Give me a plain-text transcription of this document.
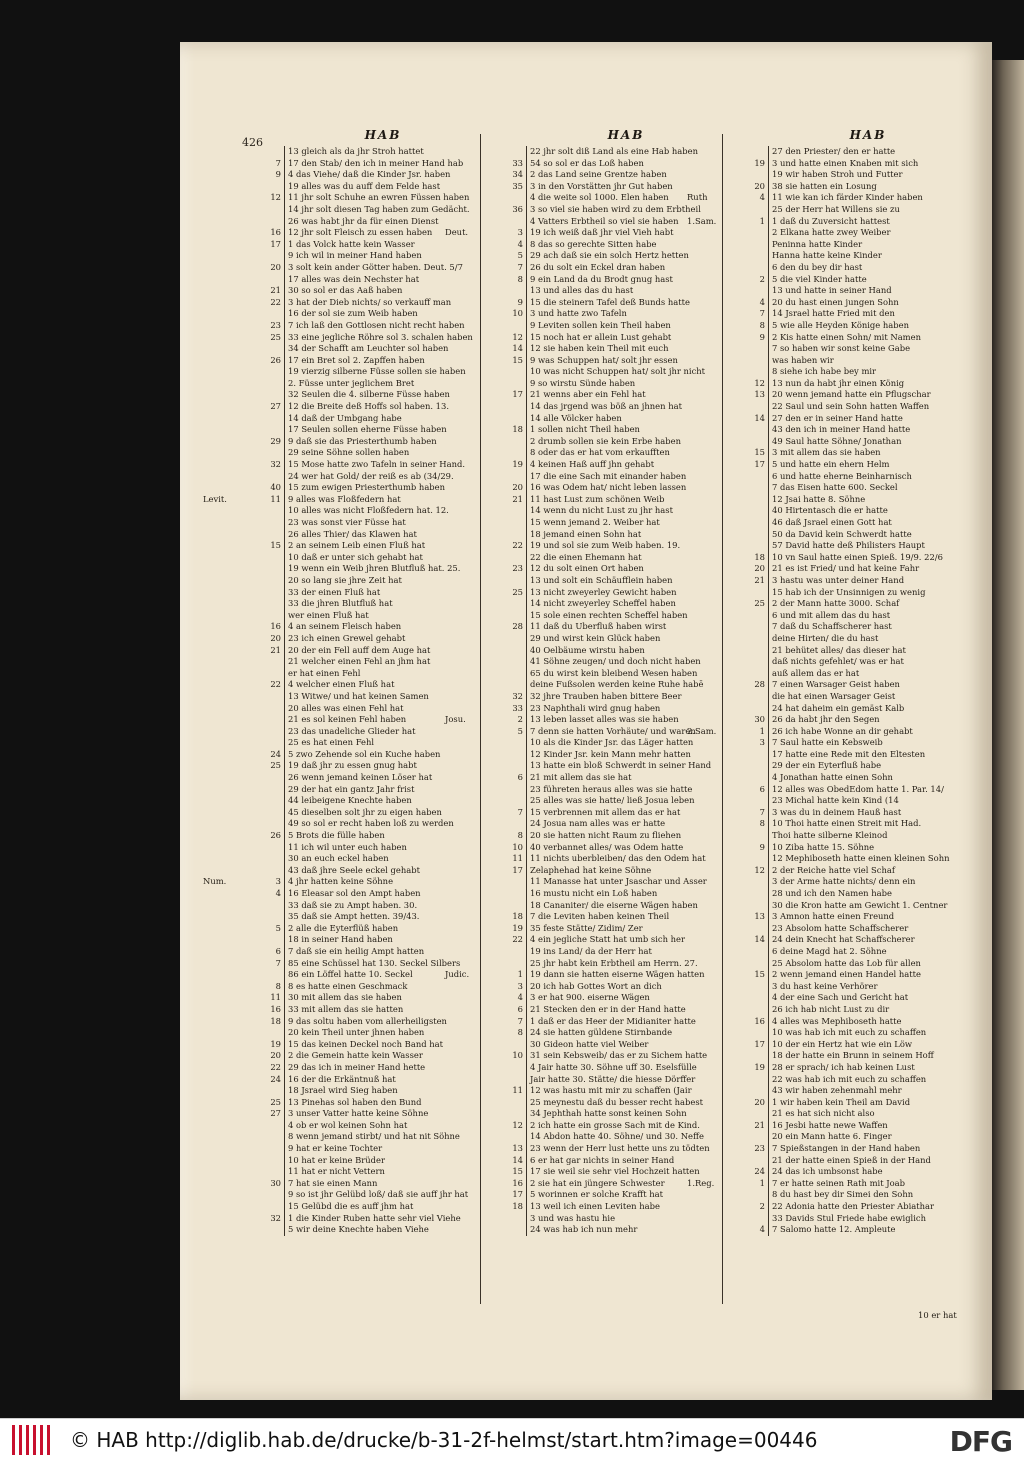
426
HAB
13 gleich als da jhr Stroh hattet
7 17 den Stab/ den ich in meiner Hand hab
9 4 das Viehe/ daß die Kinder Jsr. haben
19 alles was du auff dem Felde hast
12 11 jhr solt Schuhe an ewren Füssen haben
14 jhr solt diesen Tag haben zum Gedächt.
26 was habt jhr da für einen Dienst
16 12 jhr solt Fleisch zu essen haben
17 1 das Volck hatte kein Wasser
9 ich wil in meiner Hand haben
20 3 solt kein ander Götter haben. Deut. 5/7
17 alles was dein Nechster hat
21 30 so sol er das Aaß haben
22 3 hat der Dieb nichts/ so verkauff man
16 der sol sie zum Weib haben
23 7 ich laß den Gottlosen nicht recht haben
25 33 eine jegliche Röhre sol 3. schalen haben
34 der Schafft am Leuchter sol haben
26 17 ein Bret sol 2. Zapffen haben
19 vierzig silberne Füsse sollen sie haben
2. Füsse unter jeglichem Bret
32 Seulen die 4. silberne Füsse haben
27 12 die Breite deß Hoffs sol haben. 13.
14 daß der Umbgang habe
17 Seulen sollen eherne Füsse haben
29 9 daß sie das Priesterthumb haben
29 seine Söhne sollen haben
32 15 Mose hatte zwo Tafeln in seiner Hand.
24 wer hat Gold/ der reiß es ab (34/29.
40 15 zum ewigen Priesterthumb haben
Levit.	11 9 alles was Floßfedern hat
10 alles was nicht Floßfedern hat. 12.
23 was sonst vier Füsse hat
26 alles Thier/ das Klawen hat
15 2 an seinem Leib einen Fluß hat
10 daß er unter sich gehabt hat
19 wenn ein Weib jhren Blutfluß hat. 25.
20 so lang sie jhre Zeit hat
33 der einen Fluß hat
33 die jhren Blutfluß hat
wer einen Fluß hat
16 4 an seinem Fleisch haben
20 23 ich einen Grewel gehabt
21 20 der ein Fell auff dem Auge hat
21 welcher einen Fehl an jhm hat
er hat einen Fehl
22 4 welcher einen Fluß hat
13 Witwe/ und hat keinen Samen
20 alles was einen Fehl hat
21 es sol keinen Fehl haben
23 das unadeliche Glieder hat
25 es hat einen Fehl
24 5 zwo Zehende sol ein Kuche haben
25 19 daß jhr zu essen gnug habt
26 wenn jemand keinen Löser hat
29 der hat ein gantz Jahr frist
44 leibeigene Knechte haben
45 dieselben solt jhr zu eigen haben
49 so sol er recht haben loß zu werden
26 5 Brots die fülle haben
11 ich wil unter euch haben
30 an euch eckel haben
43 daß jhre Seele eckel gehabt
Num.	3 4 jhr hatten keine Söhne
4 16 Eleasar sol den Ampt haben
33 daß sie zu Ampt haben. 30.
35 daß sie Ampt hetten. 39/43.
5 2 alle die Eyterflüß haben
18 in seiner Hand haben
6 7 daß sie ein heilig Ampt hatten
7 85 eine Schüssel hat 130. Seckel Silbers
86 ein Löffel hatte 10. Seckel
8 8 es hatte einen Geschmack
11 30 mit allem das sie haben
16 33 mit allem das sie hatten
18 9 das soltu haben vom allerheiligsten
20 kein Theil unter jhnen haben
19 15 das keinen Deckel noch Band hat
20 2 die Gemein hatte kein Wasser
22 29 das ich in meiner Hand hette
24 16 der die Erkäntnuß hat
18 Jsrael wird Sieg haben
25 13 Pinehas sol haben den Bund
27 3 unser Vatter hatte keine Söhne
4 ob er wol keinen Sohn hat
8 wenn jemand stirbt/ und hat nit Söhne
9 hat er keine Tochter
10 hat er keine Brüder
11 hat er nicht Vettern
30 7 hat sie einen Mann
9 so ist jhr Gelübd loß/ daß sie auff jhr hat
15 Gelübd die es auff jhm hat
32 1 die Kinder Ruben hatte sehr viel Viehe
5 wir deine Knechte haben Viehe
HAB
22 jhr solt diß Land als eine Hab haben
33 54 so sol er das Loß haben
34 2 das Land seine Grentze haben
35 3 in den Vorstätten jhr Gut haben
4 die weite sol 1000. Elen haben
36 3 so viel sie haben wird zu dem Erbtheil
4 Vatters Erbtheil so viel sie haben
Deut.	3 19 ich weiß daß jhr viel Vieh habt
4 8 das so gerechte Sitten habe
5 29 ach daß sie ein solch Hertz hetten
7 26 du solt ein Eckel dran haben
8 9 ein Land da du Brodt gnug hast
13 und alles das du hast
9 15 die steinern Tafel deß Bunds hatte
10 3 und hatte zwo Tafeln
9 Leviten sollen kein Theil haben
12 15 noch hat er allein Lust gehabt
14 12 sie haben kein Theil mit euch
15 9 was Schuppen hat/ solt jhr essen
10 was nicht Schuppen hat/ solt jhr nicht
9 so wirstu Sünde haben
17 21 wenns aber ein Fehl hat
14 das jrgend was böß an jhnen hat
14 alle Völcker haben
18 1 sollen nicht Theil haben
2 drumb sollen sie kein Erbe haben
8 oder das er hat vom erkaufften
19 4 keinen Haß auff jhn gehabt
17 die eine Sach mit einander haben
20 16 was Odem hat/ nicht leben lassen
21 11 hast Lust zum schönen Weib
14 wenn du nicht Lust zu jhr hast
15 wenn jemand 2. Weiber hat
18 jemand einen Sohn hat
22 19 und sol sie zum Weib haben. 19.
22 die einen Ehemann hat
23 12 du solt einen Ort haben
13 und solt ein Schäufflein haben
25 13 nicht zweyerley Gewicht haben
14 nicht zweyerley Scheffel haben
15 sole einen rechten Scheffel haben
28 11 daß du Uberfluß haben wirst
29 und wirst kein Glück haben
40 Oelbäume wirstu haben
41 Söhne zeugen/ und doch nicht haben
65 du wirst kein bleibend Wesen haben
deine Fußsolen werden keine Ruhe habē
32 32 jhre Trauben haben bittere Beer
33 23 Naphthali wird gnug haben
Josu.	2 13 leben lasset alles was sie haben
5 7 denn sie hatten Vorhäute/ und waren
10 als die Kinder Jsr. das Läger hatten
12 Kinder Jsr. kein Mann mehr hatten
13 hatte ein bloß Schwerdt in seiner Hand
6 21 mit allem das sie hat
23 führeten heraus alles was sie hatte
25 alles was sie hatte/ ließ Josua leben
7 15 verbrennen mit allem das er hat
24 Josua nam alles was er hatte
8 20 sie hatten nicht Raum zu fliehen
10 40 verbannet alles/ was Odem hatte
11 11 nichts uberbleiben/ das den Odem hat
17 Zelaphehad hat keine Söhne
11 Manasse hat unter Jsaschar und Asser
16 mustu nicht ein Loß haben
18 Cananiter/ die eiserne Wägen haben
18 7 die Leviten haben keinen Theil
19 35 feste Stätte/ Zidim/ Zer
22 4 ein jegliche Statt hat umb sich her
19 ins Land/ da der Herr hat
25 jhr habt kein Erbtheil am Herrn. 27.
Judic.	1 19 dann sie hatten eiserne Wägen hatten
3 20 ich hab Gottes Wort an dich
4 3 er hat 900. eiserne Wägen
6 21 Stecken den er in der Hand hatte
7 1 daß er das Heer der Midianiter hatte
8 24 sie hatten güldene Stirnbande
30 Gideon hatte viel Weiber
10 31 sein Kebsweib/ das er zu Sichem hatte
4 Jair hatte 30. Söhne uff 30. Eselsfülle
Jair hatte 30. Stätte/ die hiesse Dörffer
11 12 was hastu mit mir zu schaffen (Jair
25 meynestu daß du besser recht habest
34 Jephthah hatte sonst keinen Sohn
12 2 ich hatte ein grosse Sach mit de Kind.
14 Abdon hatte 40. Söhne/ und 30. Neffe
13 23 wenn der Herr lust hette uns zu tödten
14 6 er hat gar nichts in seiner Hand
15 17 sie weil sie sehr viel Hochzeit hatten
16 2 sie hat ein jüngere Schwester
17 5 worinnen er solche Krafft hat
18 13 weil ich einen Leviten habe
3 und was hastu hie
24 was hab ich nun mehr
HAB
27 den Priester/ den er hatte
19 3 und hatte einen Knaben mit sich
19 wir haben Stroh und Futter
20 38 sie hatten ein Losung
Ruth	4 11 wie kan ich färder Kinder haben
25 der Herr hat Willens sie zu
1.Sam.	1 1 daß du Zuversicht hattest
2 Elkana hatte zwey Weiber
Peninna hatte Kinder
Hanna hatte keine Kinder
6 den du bey dir hast
2 5 die viel Kinder hatte
13 und hatte in seiner Hand
4 20 du hast einen jungen Sohn
7 14 Jsrael hatte Fried mit den
8 5 wie alle Heyden Könige haben
9 2 Kis hatte einen Sohn/ mit Namen
7 so haben wir sonst keine Gabe
was haben wir
8 siehe ich habe bey mir
12 13 nun da habt jhr einen König
13 20 wenn jemand hatte ein Pflugschar
22 Saul und sein Sohn hatten Waffen
14 27 den er in seiner Hand hatte
43 den ich in meiner Hand hatte
49 Saul hatte Söhne/ Jonathan
15 3 mit allem das sie haben
17 5 und hatte ein ehern Helm
6 und hatte eherne Beinharnisch
7 das Eisen hatte 600. Seckel
12 Jsai hatte 8. Söhne
40 Hirtentasch die er hatte
46 daß Jsrael einen Gott hat
50 da David kein Schwerdt hatte
57 David hatte deß Philisters Haupt
18 10 vn Saul hatte einen Spieß. 19/9. 22/6
20 21 es ist Fried/ und hat keine Fahr
21 3 hastu was unter deiner Hand
15 hab ich der Unsinnigen zu wenig
25 2 der Mann hatte 3000. Schaf
6 und mit allem das du hast
7 daß du Schaffscherer hast
deine Hirten/ die du hast
21 behütet alles/ das dieser hat
daß nichts gefehlet/ was er hat
auß allem das er hat
28 7 einen Warsager Geist haben
die hat einen Warsager Geist
24 hat daheim ein gemäst Kalb
30 26 da habt jhr den Segen
2.Sam.	1 26 ich habe Wonne an dir gehabt
3 7 Saul hatte ein Kebsweib
17 hatte eine Rede mit den Eltesten
29 der ein Eyterfluß habe
4 Jonathan hatte einen Sohn
6 12 alles was ObedEdom hatte 1. Par. 14/
23 Michal hatte kein Kind (14
7 3 was du in deinem Hauß hast
8 10 Thoi hatte einen Streit mit Had.
Thoi hatte silberne Kleinod
9 10 Ziba hatte 15. Söhne
12 Mephiboseth hatte einen kleinen Sohn
12 2 der Reiche hatte viel Schaf
3 der Arme hatte nichts/ denn ein
28 und ich den Namen habe
30 die Kron hatte am Gewicht 1. Centner
13 3 Amnon hatte einen Freund
23 Absolom hatte Schaffscherer
14 24 dein Knecht hat Schaffscherer
6 deine Magd hat 2. Söhne
25 Absolom hatte das Lob für allen
15 2 wenn jemand einen Handel hatte
3 du hast keine Verhörer
4 der eine Sach und Gericht hat
26 ich hab nicht Lust zu dir
16 4 alles was Mephiboseth hatte
10 was hab ich mit euch zu schaffen
17 10 der ein Hertz hat wie ein Löw
18 der hatte ein Brunn in seinem Hoff
19 28 er sprach/ ich hab keinen Lust
22 was hab ich mit euch zu schaffen
43 wir haben zehenmahl mehr
20 1 wir haben kein Theil am David
21 es hat sich nicht also
21 16 Jesbi hatte newe Waffen
20 ein Mann hatte 6. Finger
23 7 Spießstangen in der Hand haben
21 der hatte einen Spieß in der Hand
24 24 das ich umbsonst habe
1.Reg.	1 7 er hatte seinen Rath mit Joab
8 du hast bey dir Simei den Sohn
2 22 Adonia hatte den Priester Abiathar
33 Davids Stul Friede habe ewiglich
4 7 Salomo hatte 12. Ampleute
10 er hat
© HAB http://diglib.hab.de/drucke/b-31-2f-helmst/start.htm?image=00446	DFG
